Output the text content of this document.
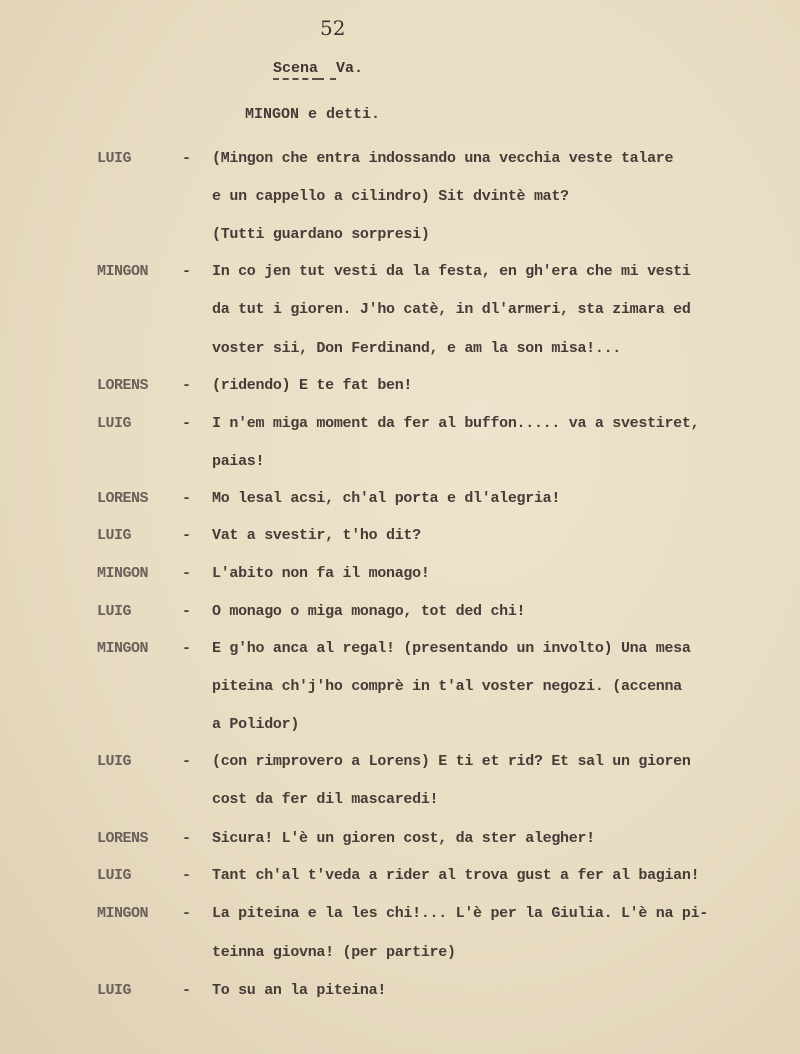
52
Scena Va.
MINGON e detti.
LUIG	- (Mingon che entra indossando una vecchia veste talare
e un cappello a cilindro) Sit dvintè mat?
(Tutti guardano sorpresi)
MINGON - In co jen tut vesti da la festa, en gh'era che mi vesti
da tut i gioren. J'ho catè, in dl'armeri, sta zimara ed
voster sii, Don Ferdinand, e am la son misa!...
LORENS - (ridendo) E te fat ben!
LUIG	- I n'em miga moment da fer al buffon..... va a svestiret,
paias!
LORENS - Mo lesal acsi, ch'al porta e dl'alegria!
LUIG	- Vat a svestir, t'ho dit?
MINGON - L'abito non fa il monago!
LUIG	- O monago o miga monago, tot ded chi!
MINGON - E g'ho anca al regal! (presentando un involto) Una mesa
piteina ch'j'ho comprè in t'al voster negozi. (accenna
a Polidor)
LUIG	- (con rimprovero a Lorens) E ti et rid? Et sal un gioren
cost da fer dil mascaredi!
LORENS - Sicura! L'è un gioren cost, da ster alegher!
LUIG	- Tant ch'al t'veda a rider al trova gust a fer al bagian!
MINGON - La piteina e la les chi!... L'è per la Giulia. L'è na pi-
teinna giovna! (per partire)
LUIG	- To su an la piteina!
